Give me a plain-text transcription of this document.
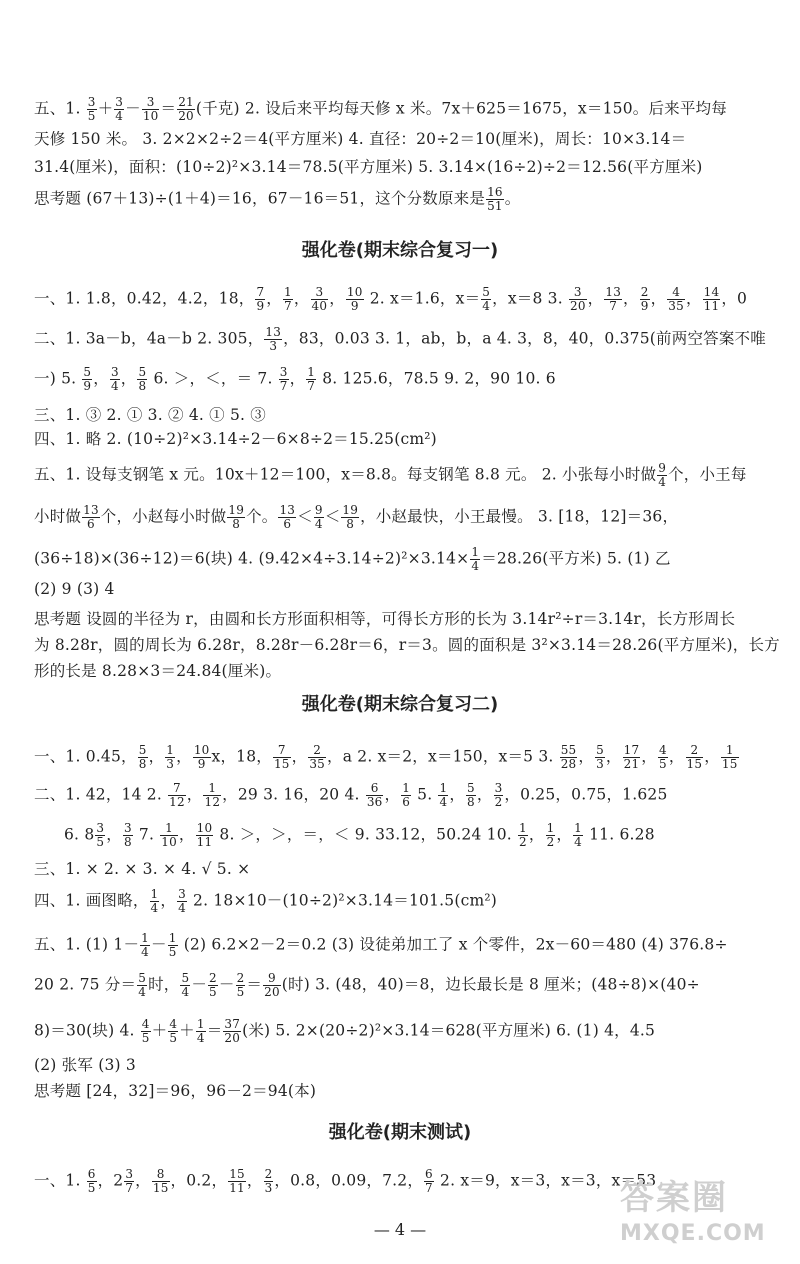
五、1. $\frac{3}{5} + \frac{3}{4} - \frac{3}{10} = \frac{21}{20}$ (千克) 2. 设后来平均每天修 x 米。7x＋625＝1675，x＝150。后来平均每
天修 150 米。 3. 2×2×2÷2＝4(平方厘米) 4. 直径：20÷2＝10(厘米)，周长：10×3.14＝
31.4(厘米)，面积：(10÷2)²×3.14＝78.5(平方厘米) 5. 3.14×(16÷2)÷2＝12.56(平方厘米)
思考题 (67＋13)÷(1＋4)＝16，67－16＝51，这个分数原来是 $\frac{16}{51}$ 。
强化卷(期末综合复习一)
一、1. 1.8，0.42，4.2，18， $\frac{7}{9}$ ， $\frac{1}{7}$ ， $\frac{3}{40}$ ， $\frac{10}{9} 2$. x＝1.6，$x= \frac{5}{4}$ ，x＝8 3. $\frac{3}{20}$ ， $\frac{13}{7}$ ， $\frac{2}{9}$ ， $\frac{4}{35}$ ， $\frac{14}{11}$ ，0
二、1. 3a－b，4a－b 2. 305， $\frac{13}{3}$ ，83，0.03 3. 1，ab，b，a 4. 3，8，40，0.375(前两空答案不唯
一) 5. $\frac{5}{9}$ ， $\frac{3}{4}$ ， $\frac{5}{8} 6$. ＞，＜，＝ 7. $\frac{3}{7}$ ， $\frac{1}{7} 8$. 125.6，78.5 9. 2，90 10. 6
三、1. ③ 2. ① 3. ② 4. ① 5. ③
四、1. 略 2. (10÷2)²×3.14÷2－6×8÷2＝15.25(cm²)
五、1. 设每支钢笔 x 元。10x＋12＝100，x＝8.8。每支钢笔 8.8 元。 2. 小张每小时做 $\frac{9}{4}$ 个，小王每
小时做 $\frac{13}{6}$ 个，小赵每小时做 $\frac{19}{8}$ 个。 $\frac{13}{6} < \frac{9}{4} < \frac{19}{8}$ ，小赵最快，小王最慢。 3. [18，12]＝36，
(36÷18)×(36÷12)＝6(块) 4. $(9.42\times 4\div 3.14\div 2)^2\times 3.14\times \frac{1}{4} =28.26$(平方米) 5. (1) 乙
(2) 9 (3) 4
思考题 设圆的半径为 r，由圆和长方形面积相等，可得长方形的长为 3.14r²÷r＝3.14r，长方形周长
为 8.28r，圆的周长为 6.28r，8.28r－6.28r＝6，r＝3。圆的面积是 3²×3.14＝28.26(平方厘米)，长方
形的长是 8.28×3＝24.84(厘米)。
强化卷(期末综合复习二)
一、1. 0.45， $\frac{5}{8}$ ， $\frac{1}{3}$ ， $\frac{10}{9}$ x，18， $\frac{7}{15}$ ， $\frac{2}{35}$ ，a 2. x＝2，x＝150，x＝5 3. $\frac{55}{28}$ ， $\frac{5}{3}$ ， $\frac{17}{21}$ ， $\frac{4}{5}$ ， $\frac{2}{15}$ ， $\frac{1}{15}$
二、1. 42，14 2. $\frac{7}{12}$ ， $\frac{1}{12}$ ，29 3. 16，20 4. $\frac{6}{36}$ ， $\frac{1}{6} 5$. $\frac{1}{4}$ ， $\frac{5}{8}$ ， $\frac{3}{2}$ ，0.25，0.75，1.625
6. $8 \frac{3}{5}$ ， $\frac{3}{8} 7$. $\frac{1}{10}$ ， $\frac{10}{11} 8$. ＞，＞，＝，＜ 9. 33.12，50.24 10. $\frac{1}{2}$ ， $\frac{1}{2}$ ， $\frac{1}{4} 11$. 6.28
三、1. × 2. × 3. × 4. √ 5. ×
四、1. 画图略， $\frac{1}{4}$ ， $\frac{3}{4} 2$. 18×10－(10÷2)²×3.14＝101.5(cm²)
五、1. (1) $1- \frac{1}{4} - \frac{1}{5} (2)$ 6.2×2－2＝0.2 (3) 设徒弟加工了 x 个零件，2x－60＝480 (4) 376.8÷
20 2. 75 分＝ $\frac{5}{4}$ 时， $\frac{5}{4} - \frac{2}{5} - \frac{2}{5} = \frac{9}{20}$ (时) 3. (48，40)＝8，边长最长是 8 厘米；(48÷8)×(40÷
8)＝30(块) 4. $\frac{4}{5} + \frac{4}{5} + \frac{1}{4} = \frac{37}{20}$ (米) 5. 2×(20÷2)²×3.14＝628(平方厘米) 6. (1) 4，4.5
(2) 张军 (3) 3
思考题 [24，32]＝96，96－2＝94(本)
强化卷(期末测试)
一、1. $\frac{6}{5}$ ，$2 \frac{3}{7}$ ， $\frac{8}{15}$ ，0.2， $\frac{15}{11}$ ， $\frac{2}{3}$ ，0.8，0.09，7.2， $\frac{6}{7} 2$. x＝9，x＝3，x＝3，x＝53
— 4 —
答案圈
MXQE.COM
